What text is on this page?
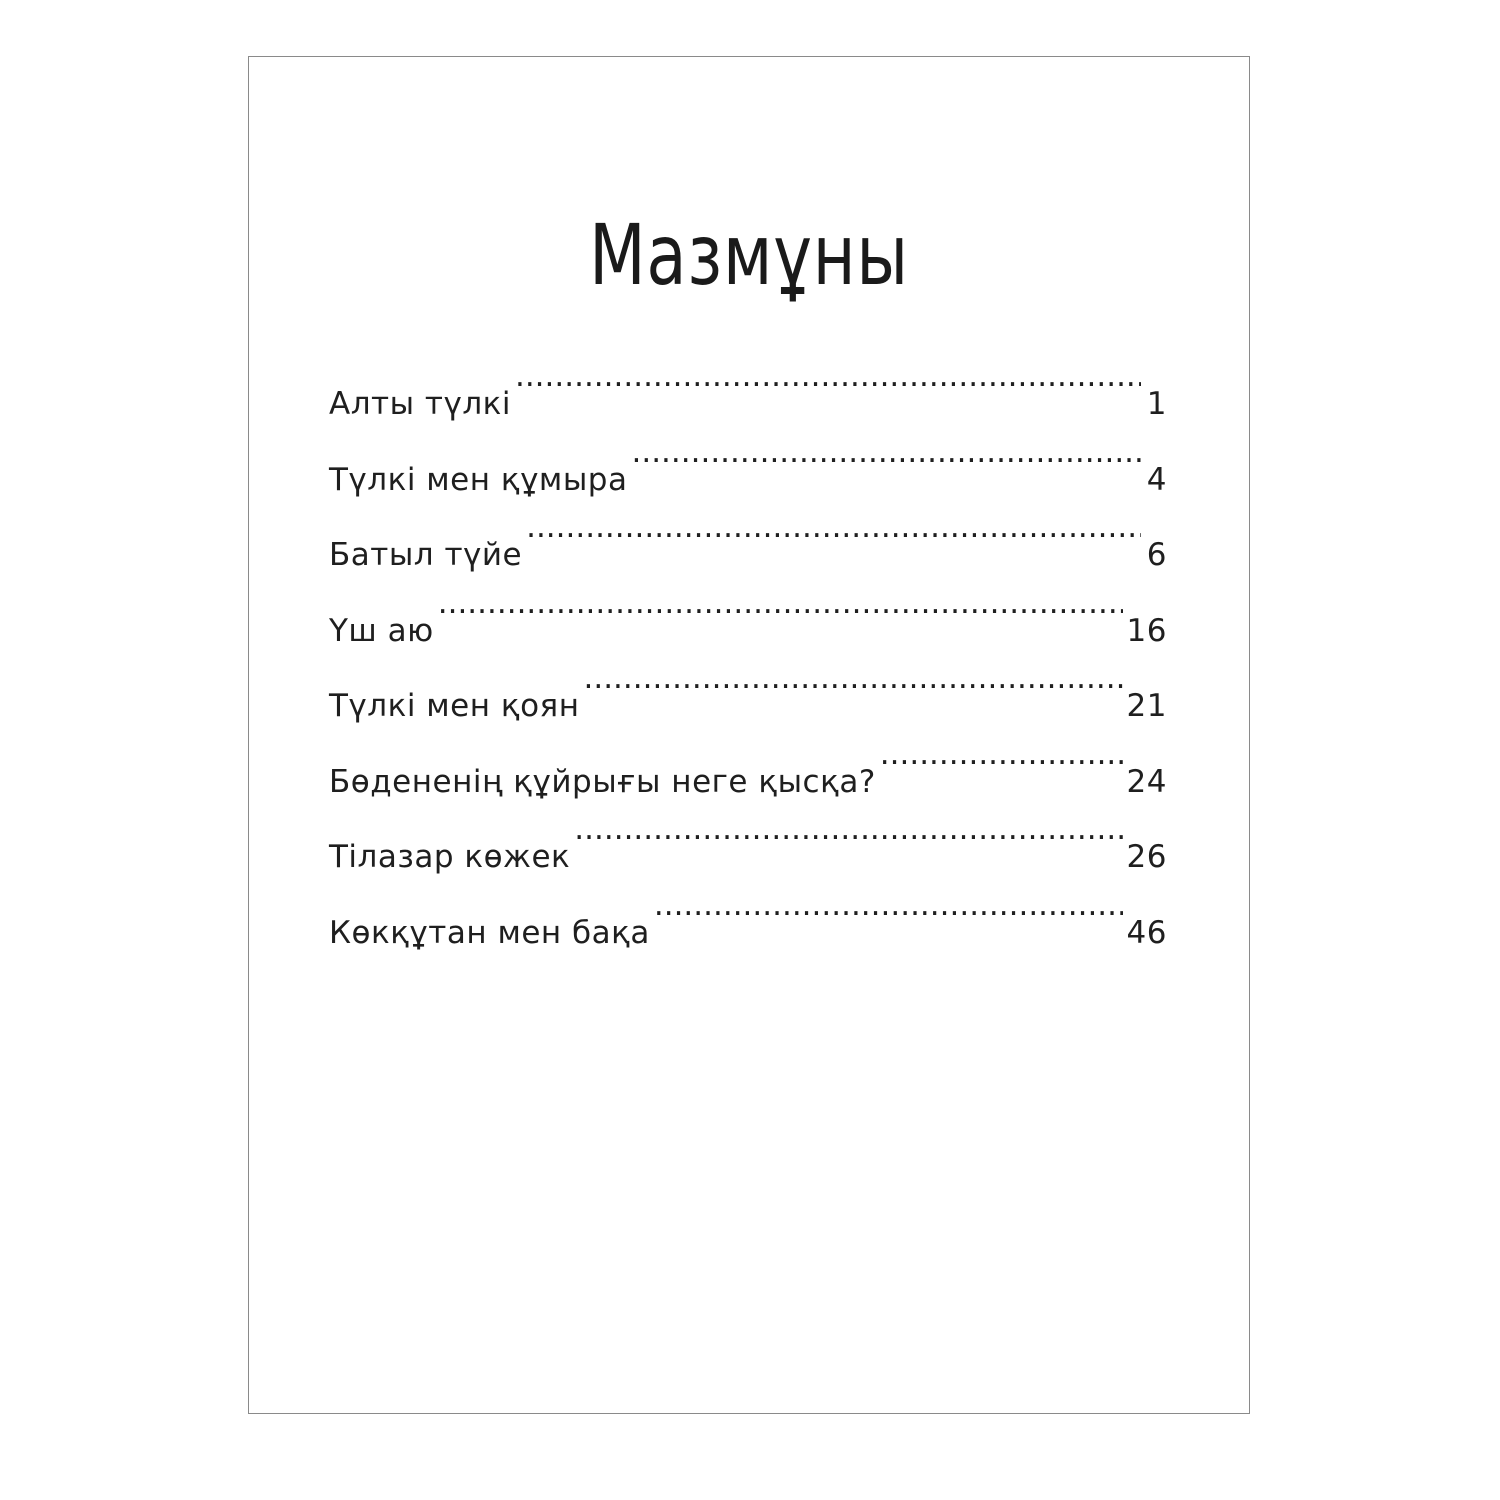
Мазмұны
Алты түлкі .....	1
Түлкі мен құмыра .....	4
Батыл түйе .....	6
Үш аю .....	16
Түлкі мен қоян .....	21
Бөдененің құйрығы неге қысқа? .....	24
Тілазар көжек .....	26
Көкқұтан мен бақа .....	46
